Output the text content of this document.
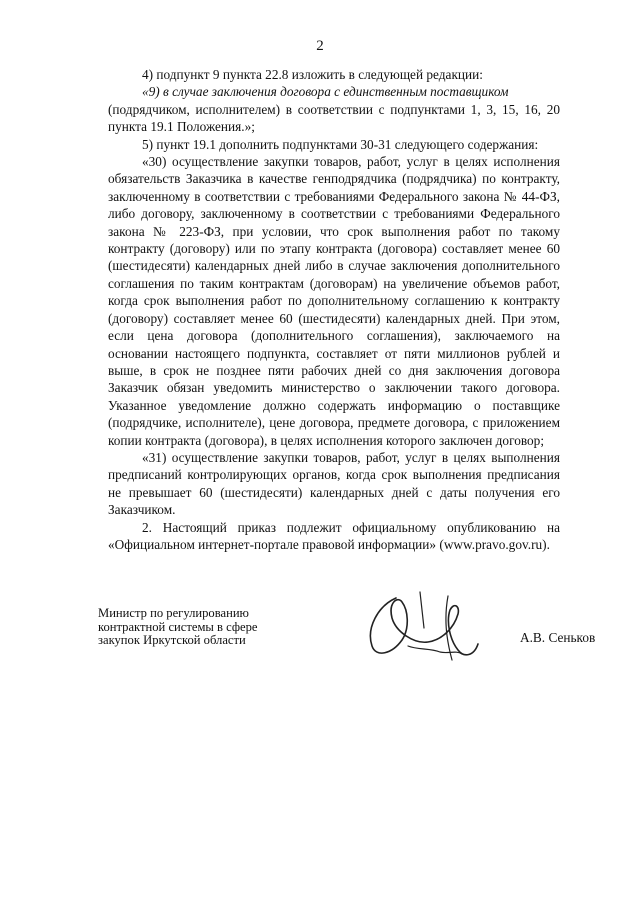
2

4) подпункт 9 пункта 22.8 изложить в следующей редакции:

«9) в случае заключения договора с единственным поставщиком

(подрядчиком, исполнителем) в соответствии с подпунктами 1, 3, 15, 16, 20 пункта 19.1 Положения.»;

5) пункт 19.1 дополнить подпунктами 30-31 следующего содержания:

«30) осуществление закупки товаров, работ, услуг в целях исполнения обязательств Заказчика в качестве генподрядчика (подрядчика) по контракту, заключенному в соответствии с требованиями Федерального закона № 44-ФЗ, либо договору, заключенному в соответствии с требованиями Федерального закона № 223-ФЗ, при условии, что срок выполнения работ по такому контракту (договору) или по этапу контракта (договора) составляет менее 60 (шестидесяти) календарных дней либо в случае заключения дополнительного соглашения по таким контрактам (договорам) на увеличение объемов работ, когда срок выполнения работ по дополнительному соглашению к контракту (договору) составляет менее 60 (шестидесяти) календарных дней. При этом, если цена договора (дополнительного соглашения), заключаемого на основании настоящего подпункта, составляет от пяти миллионов рублей и выше, в срок не позднее пяти рабочих дней со дня заключения договора Заказчик обязан уведомить министерство о заключении такого договора. Указанное уведомление должно содержать информацию о поставщике (подрядчике, исполнителе), цене договора, предмете договора, с приложением копии контракта (договора), в целях исполнения которого заключен договор;

«31) осуществление закупки товаров, работ, услуг в целях выполнения предписаний контролирующих органов, когда срок выполнения предписания не превышает 60 (шестидесяти) календарных дней с даты получения его Заказчиком.

2. Настоящий приказ подлежит официальному опубликованию на «Официальном интернет-портале правовой информации» (www.pravo.gov.ru).

Министр по регулированию
контрактной системы в сфере
закупок Иркутской области	А.В. Сеньков
